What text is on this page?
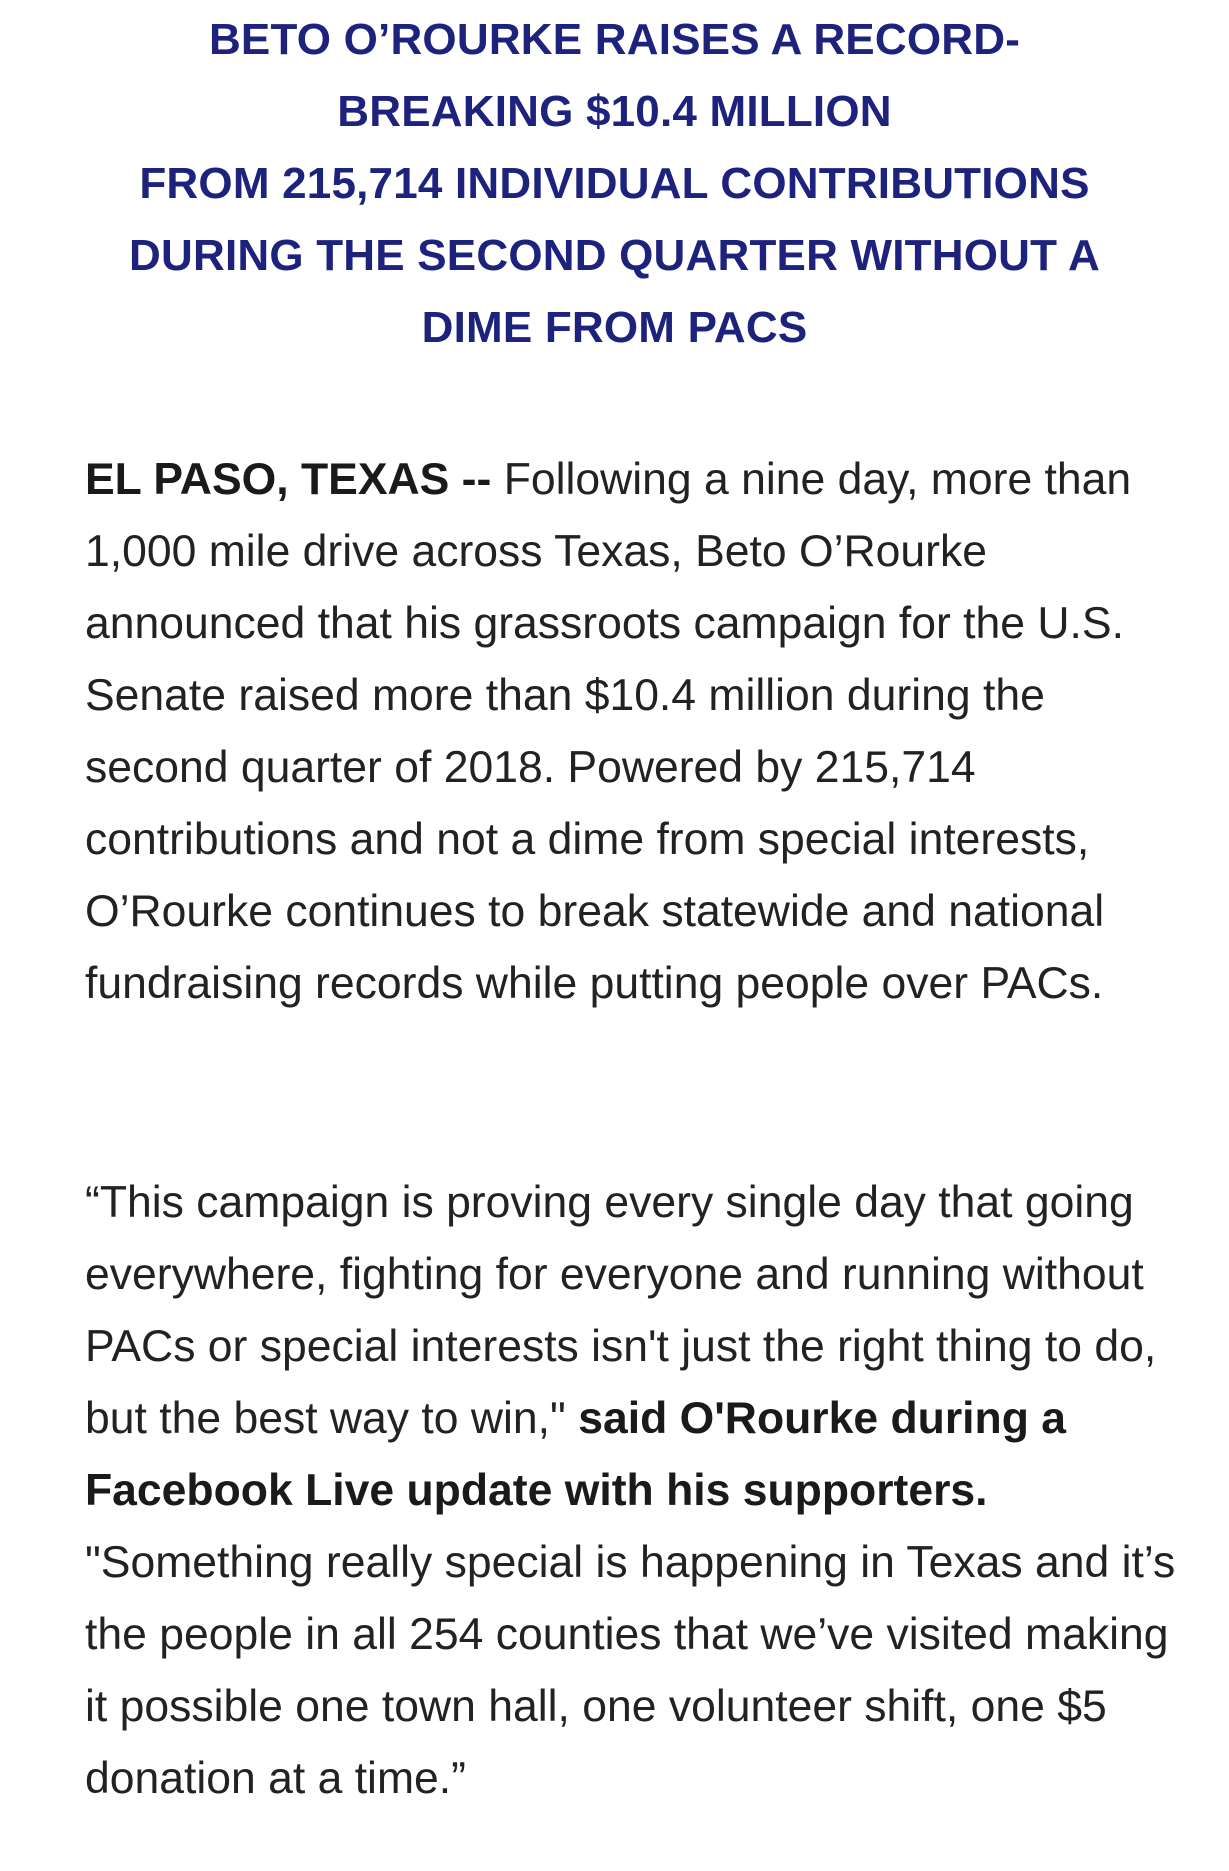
BETO O’ROURKE RAISES A RECORD-
BREAKING $10.4 MILLION
FROM 215,714 INDIVIDUAL CONTRIBUTIONS
DURING THE SECOND QUARTER WITHOUT A
DIME FROM PACS

EL PASO, TEXAS -- Following a nine day, more than 1,000 mile drive across Texas, Beto O’Rourke announced that his grassroots campaign for the U.S. Senate raised more than $10.4 million during the second quarter of 2018. Powered by 215,714 contributions and not a dime from special interests, O’Rourke continues to break statewide and national fundraising records while putting people over PACs.

“This campaign is proving every single day that going everywhere, fighting for everyone and running without PACs or special interests isn't just the right thing to do, but the best way to win," said O'Rourke during a Facebook Live update with his supporters. "Something really special is happening in Texas and it’s the people in all 254 counties that we’ve visited making it possible one town hall, one volunteer shift, one $5 donation at a time.”
